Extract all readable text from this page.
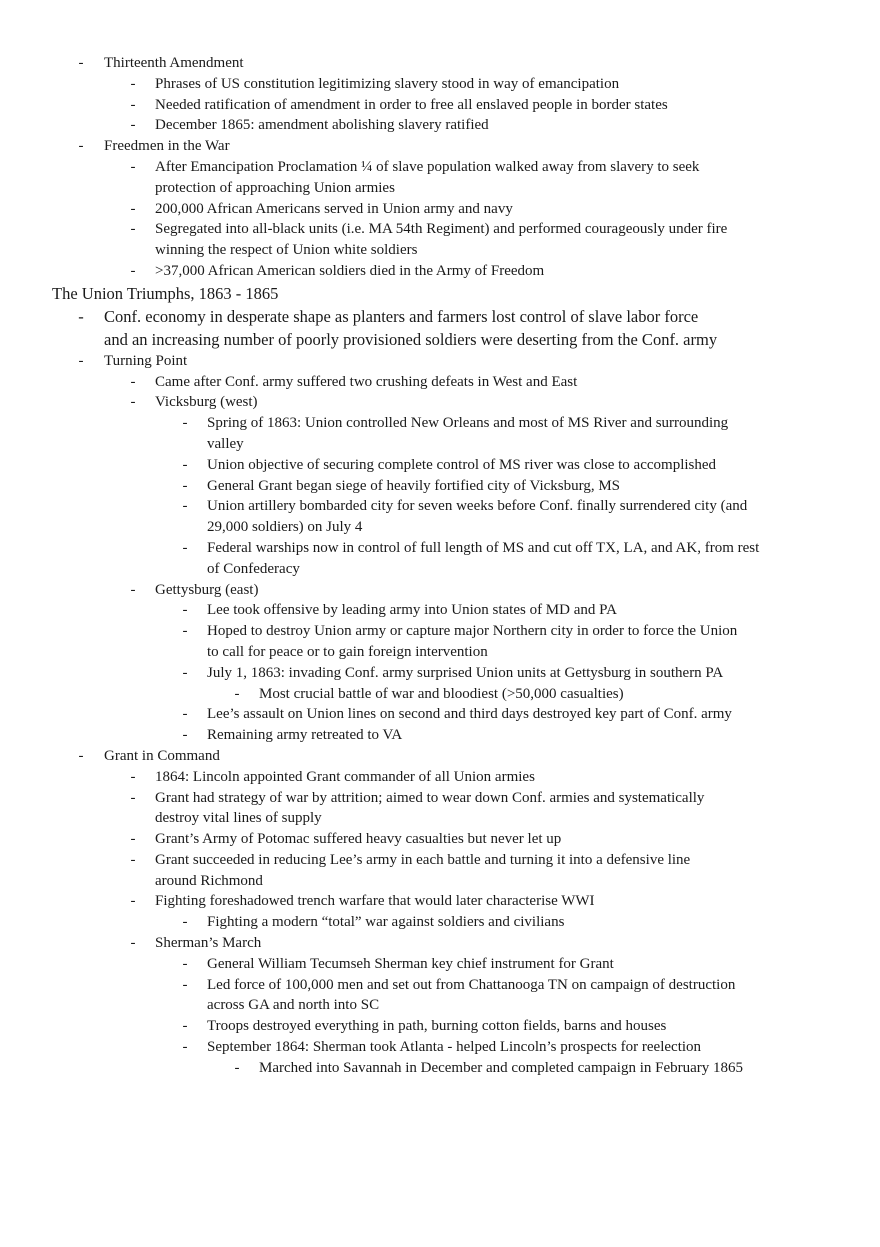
- Thirteenth Amendment
- Phrases of US constitution legitimizing slavery stood in way of emancipation
- Needed ratification of amendment in order to free all enslaved people in border states
- December 1865: amendment abolishing slavery ratified
- Freedmen in the War
- After Emancipation Proclamation ¼ of slave population walked away from slavery to seek
protection of approaching Union armies
- 200,000 African Americans served in Union army and navy
- Segregated into all-black units (i.e. MA 54th Regiment) and performed courageously under fire
winning the respect of Union white soldiers
- >37,000 African American soldiers died in the Army of Freedom
The Union Triumphs, 1863 - 1865
- Conf. economy in desperate shape as planters and farmers lost control of slave labor force
and an increasing number of poorly provisioned soldiers were deserting from the Conf. army
- Turning Point
- Came after Conf. army suffered two crushing defeats in West and East
- Vicksburg (west)
- Spring of 1863: Union controlled New Orleans and most of MS River and surrounding
valley
- Union objective of securing complete control of MS river was close to accomplished
- General Grant began siege of heavily fortified city of Vicksburg, MS
- Union artillery bombarded city for seven weeks before Conf. finally surrendered city (and
29,000 soldiers) on July 4
- Federal warships now in control of full length of MS and cut off TX, LA, and AK, from rest
of Confederacy
- Gettysburg (east)
- Lee took offensive by leading army into Union states of MD and PA
- Hoped to destroy Union army or capture major Northern city in order to force the Union
to call for peace or to gain foreign intervention
- July 1, 1863: invading Conf. army surprised Union units at Gettysburg in southern PA
- Most crucial battle of war and bloodiest (>50,000 casualties)
- Lee’s assault on Union lines on second and third days destroyed key part of Conf. army
- Remaining army retreated to VA
- Grant in Command
- 1864: Lincoln appointed Grant commander of all Union armies
- Grant had strategy of war by attrition; aimed to wear down Conf. armies and systematically
destroy vital lines of supply
- Grant’s Army of Potomac suffered heavy casualties but never let up
- Grant succeeded in reducing Lee’s army in each battle and turning it into a defensive line
around Richmond
- Fighting foreshadowed trench warfare that would later characterise WWI
- Fighting a modern “total” war against soldiers and civilians
- Sherman’s March
- General William Tecumseh Sherman key chief instrument for Grant
- Led force of 100,000 men and set out from Chattanooga TN on campaign of destruction
across GA and north into SC
- Troops destroyed everything in path, burning cotton fields, barns and houses
- September 1864: Sherman took Atlanta - helped Lincoln’s prospects for reelection
- Marched into Savannah in December and completed campaign in February 1865
